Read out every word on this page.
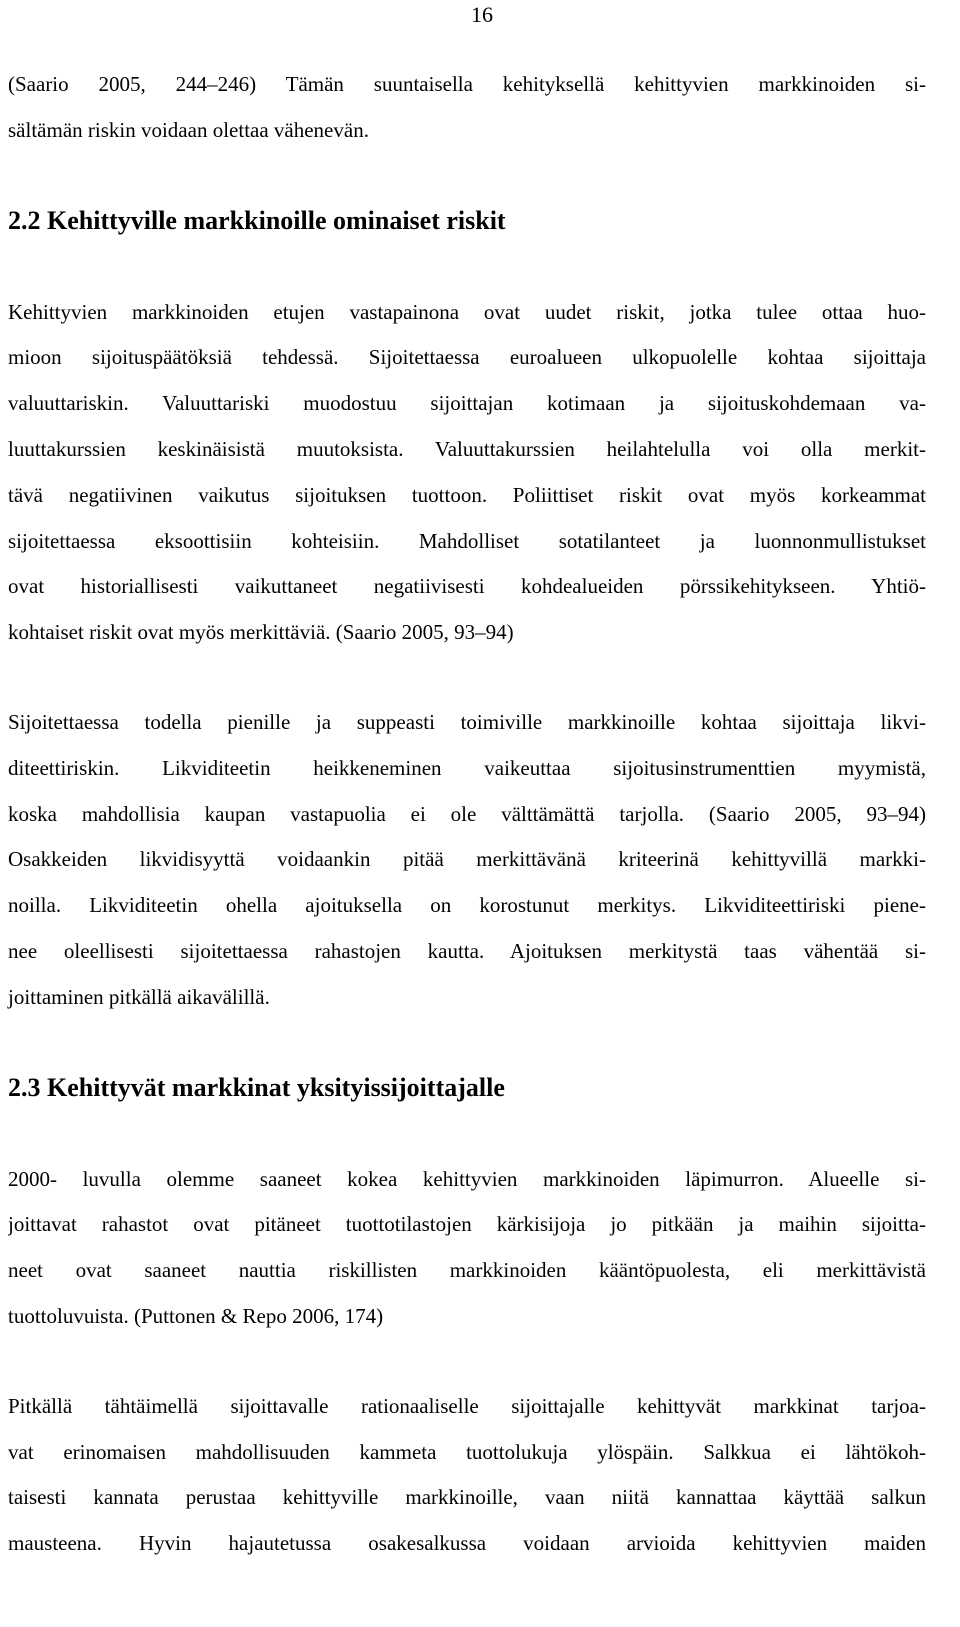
16

(Saario 2005, 244–246) Tämän suuntaisella kehityksellä kehittyvien markkinoiden si-
sältämän riskin voidaan olettaa vähenevän.

2.2 Kehittyville markkinoille ominaiset riskit

Kehittyvien markkinoiden etujen vastapainona ovat uudet riskit, jotka tulee ottaa huo-
mioon sijoituspäätöksiä tehdessä. Sijoitettaessa euroalueen ulkopuolelle kohtaa sijoittaja
valuuttariskin. Valuuttariski muodostuu sijoittajan kotimaan ja sijoituskohdemaan va-
luuttakurssien keskinäisistä muutoksista. Valuuttakurssien heilahtelulla voi olla merkit-
tävä negatiivinen vaikutus sijoituksen tuottoon. Poliittiset riskit ovat myös korkeammat
sijoitettaessa eksoottisiin kohteisiin. Mahdolliset sotatilanteet ja luonnonmullistukset
ovat historiallisesti vaikuttaneet negatiivisesti kohdealueiden pörssikehitykseen. Yhtiö-
kohtaiset riskit ovat myös merkittäviä. (Saario 2005, 93–94)

Sijoitettaessa todella pienille ja suppeasti toimiville markkinoille kohtaa sijoittaja likvi-
diteettiriskin. Likviditeetin heikkeneminen vaikeuttaa sijoitusinstrumenttien myymistä,
koska mahdollisia kaupan vastapuolia ei ole välttämättä tarjolla. (Saario 2005, 93–94)
Osakkeiden likvidisyyttä voidaankin pitää merkittävänä kriteerinä kehittyvillä markki-
noilla. Likviditeetin ohella ajoituksella on korostunut merkitys. Likviditeettiriski piene-
nee oleellisesti sijoitettaessa rahastojen kautta. Ajoituksen merkitystä taas vähentää si-
joittaminen pitkällä aikavälillä.

2.3 Kehittyvät markkinat yksityissijoittajalle

2000- luvulla olemme saaneet kokea kehittyvien markkinoiden läpimurron. Alueelle si-
joittavat rahastot ovat pitäneet tuottotilastojen kärkisijoja jo pitkään ja maihin sijoitta-
neet ovat saaneet nauttia riskillisten markkinoiden kääntöpuolesta, eli merkittävistä
tuottoluvuista. (Puttonen & Repo 2006, 174)

Pitkällä tähtäimellä sijoittavalle rationaaliselle sijoittajalle kehittyvät markkinat tarjoa-
vat erinomaisen mahdollisuuden kammeta tuottolukuja ylöspäin. Salkkua ei lähtökoh-
taisesti kannata perustaa kehittyville markkinoille, vaan niitä kannattaa käyttää salkun
mausteena. Hyvin hajautetussa osakesalkussa voidaan arvioida kehittyvien maiden
